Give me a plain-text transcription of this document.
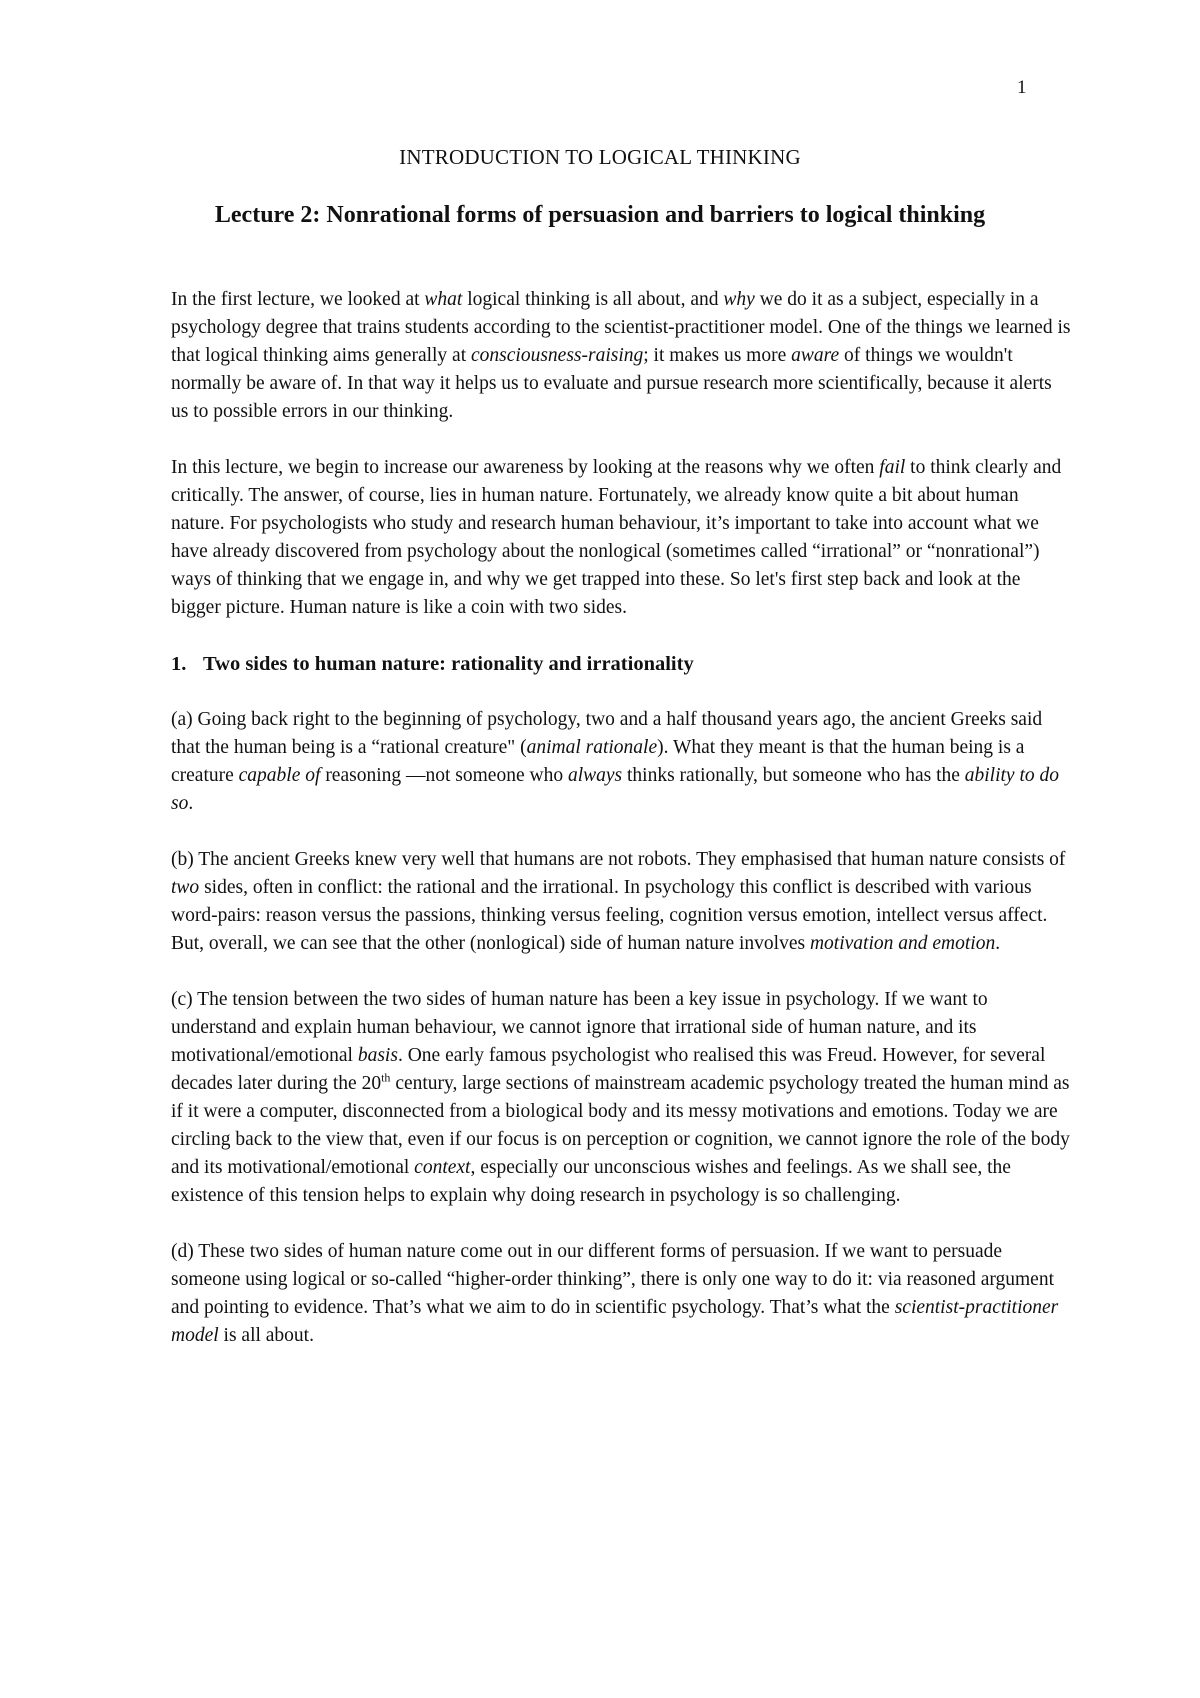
1
INTRODUCTION TO LOGICAL THINKING
Lecture 2: Nonrational forms of persuasion and barriers to logical thinking

In the first lecture, we looked at what logical thinking is all about, and why we do it as a subject, especially in a psychology degree that trains students according to the scientist-practitioner model. One of the things we learned is that logical thinking aims generally at consciousness-raising; it makes us more aware of things we wouldn't normally be aware of. In that way it helps us to evaluate and pursue research more scientifically, because it alerts us to possible errors in our thinking.

In this lecture, we begin to increase our awareness by looking at the reasons why we often fail to think clearly and critically. The answer, of course, lies in human nature. Fortunately, we already know quite a bit about human nature. For psychologists who study and research human behaviour, it’s important to take into account what we have already discovered from psychology about the nonlogical (sometimes called “irrational” or “nonrational”) ways of thinking that we engage in, and why we get trapped into these. So let's first step back and look at the bigger picture. Human nature is like a coin with two sides.

1. Two sides to human nature: rationality and irrationality

(a) Going back right to the beginning of psychology, two and a half thousand years ago, the ancient Greeks said that the human being is a “rational creature" (animal rationale). What they meant is that the human being is a creature capable of reasoning —not someone who always thinks rationally, but someone who has the ability to do so.

(b) The ancient Greeks knew very well that humans are not robots. They emphasised that human nature consists of two sides, often in conflict: the rational and the irrational. In psychology this conflict is described with various word-pairs: reason versus the passions, thinking versus feeling, cognition versus emotion, intellect versus affect. But, overall, we can see that the other (nonlogical) side of human nature involves motivation and emotion.

(c) The tension between the two sides of human nature has been a key issue in psychology. If we want to understand and explain human behaviour, we cannot ignore that irrational side of human nature, and its motivational/emotional basis. One early famous psychologist who realised this was Freud. However, for several decades later during the 20th century, large sections of mainstream academic psychology treated the human mind as if it were a computer, disconnected from a biological body and its messy motivations and emotions. Today we are circling back to the view that, even if our focus is on perception or cognition, we cannot ignore the role of the body and its motivational/emotional context, especially our unconscious wishes and feelings. As we shall see, the existence of this tension helps to explain why doing research in psychology is so challenging.

(d) These two sides of human nature come out in our different forms of persuasion. If we want to persuade someone using logical or so-called “higher-order thinking”, there is only one way to do it: via reasoned argument and pointing to evidence. That’s what we aim to do in scientific psychology. That’s what the scientist-practitioner model is all about.
